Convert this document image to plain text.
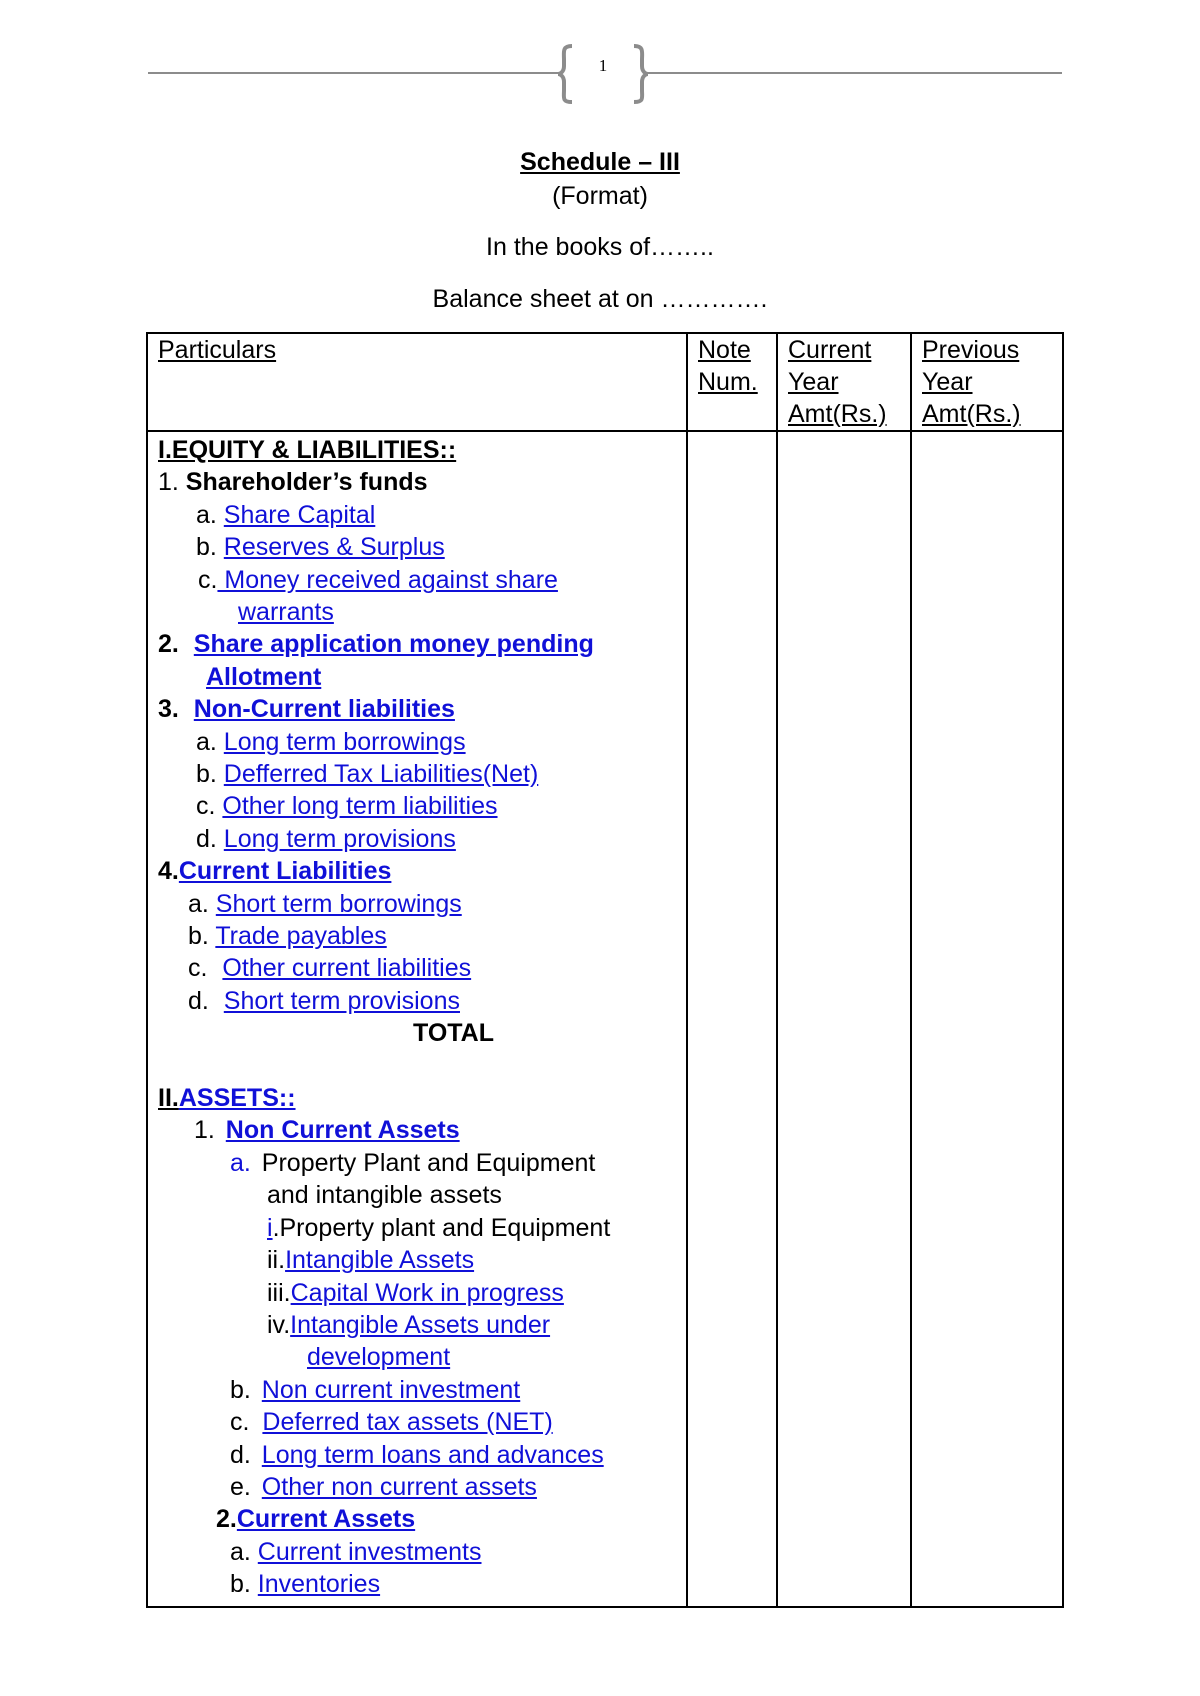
1
Schedule – III
(Format)
In the books of……..
Balance sheet at on ………….
Particulars	Note
Num.
Current
Year
Amt(Rs.)
Previous
Year
Amt(Rs.)
I.EQUITY & LIABILITIES::
1. Shareholder’s funds
a. Share Capital
b. Reserves & Surplus
c. Money received against share
warrants
2. Share application money pending
Allotment
3. Non-Current liabilities
a. Long term borrowings
b. Defferred Tax Liabilities(Net)
c. Other long term liabilities
d. Long term provisions
4.Current Liabilities
a. Short term borrowings
b. Trade payables
c. Other current liabilities
d. Short term provisions
TOTAL
II.ASSETS::
1. Non Current Assets
a. Property Plant and Equipment
and intangible assets
i.Property plant and Equipment
ii.Intangible Assets
iii.Capital Work in progress
iv.Intangible Assets under
development
b. Non current investment
c. Deferred tax assets (NET)
d. Long term loans and advances
e. Other non current assets
2.Current Assets
a. Current investments
b. Inventories
